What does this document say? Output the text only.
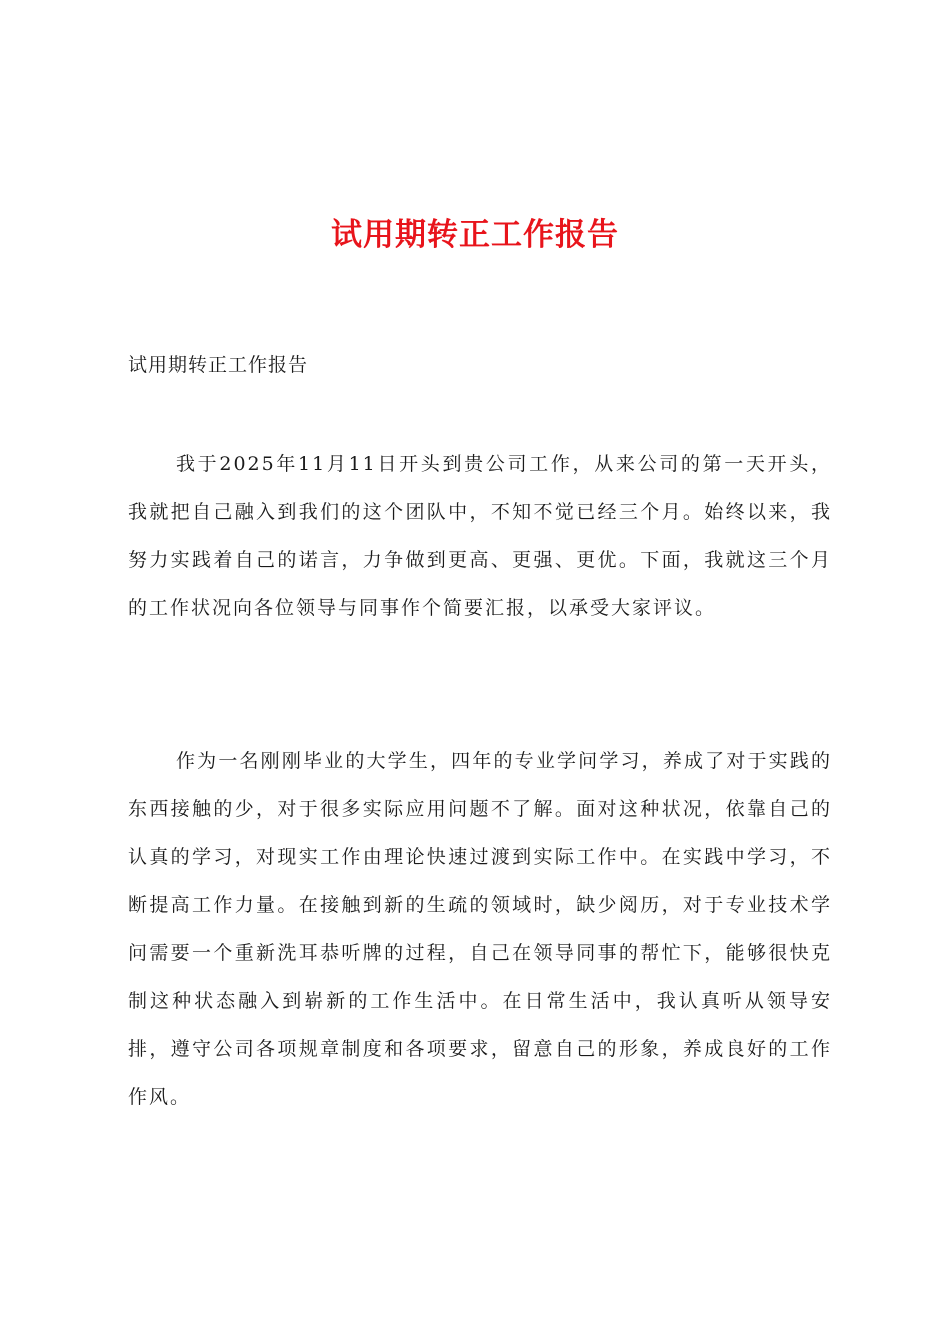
试用期转正工作报告
试用期转正工作报告

我于2025年11月11日开头到贵公司工作，从来公司的第一天开头，我就把自己融入到我们的这个团队中，不知不觉已经三个月。始终以来，我努力实践着自己的诺言，力争做到更高、更强、更优。下面，我就这三个月的工作状况向各位领导与同事作个简要汇报，以承受大家评议。

作为一名刚刚毕业的大学生，四年的专业学问学习，养成了对于实践的东西接触的少，对于很多实际应用问题不了解。面对这种状况，依靠自己的认真的学习，对现实工作由理论快速过渡到实际工作中。在实践中学习，不断提高工作力量。在接触到新的生疏的领域时，缺少阅历，对于专业技术学问需要一个重新洗耳恭听牌的过程，自己在领导同事的帮忙下，能够很快克制这种状态融入到崭新的工作生活中。在日常生活中，我认真听从领导安排，遵守公司各项规章制度和各项要求，留意自己的形象，养成良好的工作作风。
